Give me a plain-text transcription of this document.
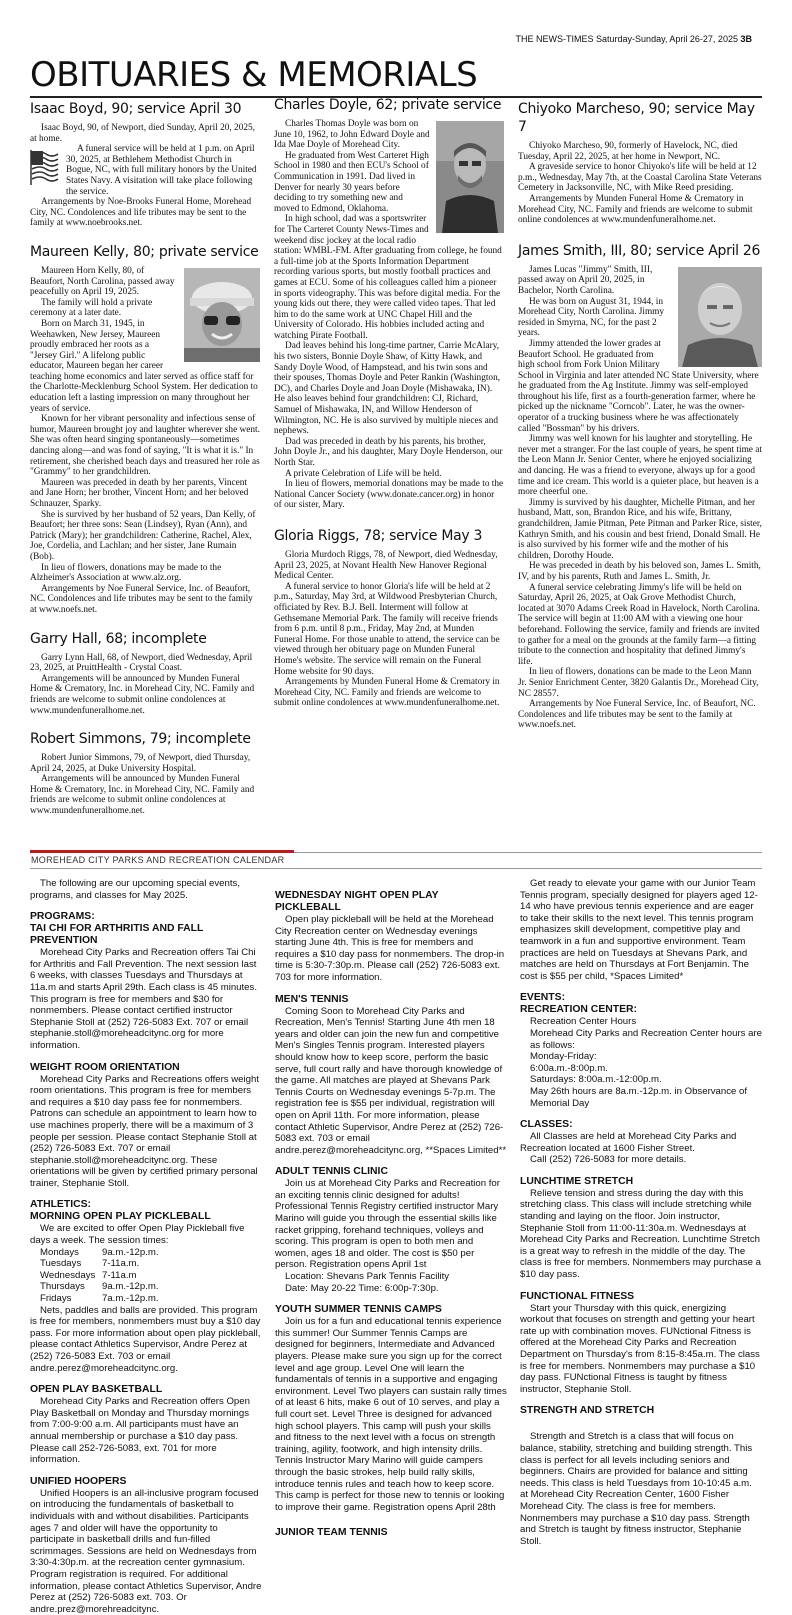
THE NEWS-TIMES Saturday-Sunday, April 26-27, 2025 3B
OBITUARIES & MEMORIALS
Isaac Boyd, 90; service April 30

Isaac Boyd, 90, of Newport, died Sunday, April 20, 2025, at home.

A funeral service will be held at 1 p.m. on April 30, 2025, at Bethlehem Methodist Church in Bogue, NC, with full military honors by the United States Navy. A visitation will take place following the service.

Arrangements by Noe-Brooks Funeral Home, Morehead City, NC. Condolences and life tributes may be sent to the family at www.noebrooks.net.

Maureen Kelly, 80; private service

Maureen Horn Kelly, 80, of Beaufort, North Carolina, passed away peacefully on April 19, 2025.

The family will hold a private ceremony at a later date.

Born on March 31, 1945, in Weehawken, New Jersey, Maureen proudly embraced her roots as a "Jersey Girl." A lifelong public educator, Maureen began her career teaching home economics and later served as office staff for the Charlotte-Mecklenburg School System. Her dedication to education left a lasting impression on many throughout her years of service.

Known for her vibrant personality and infectious sense of humor, Maureen brought joy and laughter wherever she went. She was often heard singing spontaneously—sometimes dancing along—and was fond of saying, "It is what it is." In retirement, she cherished beach days and treasured her role as "Grammy" to her grandchildren.

Maureen was preceded in death by her parents, Vincent and Jane Horn; her brother, Vincent Horn; and her beloved Schnauzer, Sparky.

She is survived by her husband of 52 years, Dan Kelly, of Beaufort; her three sons: Sean (Lindsey), Ryan (Ann), and Patrick (Mary); her grandchildren: Catherine, Rachel, Alex, Joe, Cordelia, and Lachlan; and her sister, Jane Rumain (Bob).

In lieu of flowers, donations may be made to the Alzheimer's Association at www.alz.org.

Arrangements by Noe Funeral Service, Inc. of Beaufort, NC. Condolences and life tributes may be sent to the family at www.noefs.net.

Garry Hall, 68; incomplete

Garry Lynn Hall, 68, of Newport, died Wednesday, April 23, 2025, at PruittHealth - Crystal Coast.

Arrangements will be announced by Munden Funeral Home & Crematory, Inc. in Morehead City, NC. Family and friends are welcome to submit online condolences at www.mundenfuneralhome.net.

Robert Simmons, 79; incomplete

Robert Junior Simmons, 79, of Newport, died Thursday, April 24, 2025, at Duke University Hospital.

Arrangements will be announced by Munden Funeral Home & Crematory, Inc. in Morehead City, NC. Family and friends are welcome to submit online condolences at www.mundenfuneralhome.net.

Charles Doyle, 62; private service

Charles Thomas Doyle was born on June 10, 1962, to John Edward Doyle and Ida Mae Doyle of Morehead City.

He graduated from West Carteret High School in 1980 and then ECU's School of Communication in 1991. Dad lived in Denver for nearly 30 years before deciding to try something new and moved to Edmond, Oklahoma.

In high school, dad was a sportswriter for The Carteret County News-Times and weekend disc jockey at the local radio station: WMBL-FM. After graduating from college, he found a full-time job at the Sports Information Department recording various sports, but mostly football practices and games at ECU. Some of his colleagues called him a pioneer in sports videography. This was before digital media. For the young kids out there, they were called video tapes. That led him to do the same work at UNC Chapel Hill and the University of Colorado. His hobbies included acting and watching Pirate Football.

Dad leaves behind his long-time partner, Carrie McAlary, his two sisters, Bonnie Doyle Shaw, of Kitty Hawk, and Sandy Doyle Wood, of Hampstead, and his twin sons and their spouses, Thomas Doyle and Peter Rankin (Washington, DC), and Charles Doyle and Joan Doyle (Mishawaka, IN). He also leaves behind four grandchildren: CJ, Richard, Samuel of Mishawaka, IN, and Willow Henderson of Wilmington, NC. He is also survived by multiple nieces and nephews.

Dad was preceded in death by his parents, his brother, John Doyle Jr., and his daughter, Mary Doyle Henderson, our North Star.

A private Celebration of Life will be held.

In lieu of flowers, memorial donations may be made to the National Cancer Society (www.donate.cancer.org) in honor of our sister, Mary.

Gloria Riggs, 78; service May 3

Gloria Murdoch Riggs, 78, of Newport, died Wednesday, April 23, 2025, at Novant Health New Hanover Regional Medical Center.

A funeral service to honor Gloria's life will be held at 2 p.m., Saturday, May 3rd, at Wildwood Presbyterian Church, officiated by Rev. B.J. Bell. Interment will follow at Gethsemane Memorial Park. The family will receive friends from 6 p.m. until 8 p.m., Friday, May 2nd, at Munden Funeral Home. For those unable to attend, the service can be viewed through her obituary page on Munden Funeral Home's website. The service will remain on the Funeral Home website for 90 days.

Arrangements by Munden Funeral Home & Crematory in Morehead City, NC. Family and friends are welcome to submit online condolences at www.mundenfuneralhome.net.

Chiyoko Marcheso, 90; service May 7

Chiyoko Marcheso, 90, formerly of Havelock, NC, died Tuesday, April 22, 2025, at her home in Newport, NC.

A graveside service to honor Chiyoko's life will be held at 12 p.m., Wednesday, May 7th, at the Coastal Carolina State Veterans Cemetery in Jacksonville, NC, with Mike Reed presiding.

Arrangements by Munden Funeral Home & Crematory in Morehead City, NC. Family and friends are welcome to submit online condolences at www.mundenfuneralhome.net.

James Smith, III, 80; service April 26

James Lucas "Jimmy" Smith, III, passed away on April 20, 2025, in Bachelor, North Carolina.

He was born on August 31, 1944, in Morehead City, North Carolina. Jimmy resided in Smyrna, NC, for the past 2 years.

Jimmy attended the lower grades at Beaufort School. He graduated from high school from Fork Union Military School in Virginia and later attended NC State University, where he graduated from the Ag Institute. Jimmy was self-employed throughout his life, first as a fourth-generation farmer, where he picked up the nickname "Corncob". Later, he was the owner-operator of a trucking business where he was affectionately called "Bossman" by his drivers.

Jimmy was well known for his laughter and storytelling. He never met a stranger. For the last couple of years, he spent time at the Leon Mann Jr. Senior Center, where he enjoyed socializing and dancing. He was a friend to everyone, always up for a good time and ice cream. This world is a quieter place, but heaven is a more cheerful one.

Jimmy is survived by his daughter, Michelle Pitman, and her husband, Matt, son, Brandon Rice, and his wife, Brittany, grandchildren, Jamie Pitman, Pete Pitman and Parker Rice, sister, Kathryn Smith, and his cousin and best friend, Donald Small. He is also survived by his former wife and the mother of his children, Dorothy Houde.

He was preceded in death by his beloved son, James L. Smith, IV, and by his parents, Ruth and James L. Smith, Jr.

A funeral service celebrating Jimmy's life will be held on Saturday, April 26, 2025, at Oak Grove Methodist Church, located at 3070 Adams Creek Road in Havelock, North Carolina. The service will begin at 11:00 AM with a viewing one hour beforehand. Following the service, family and friends are invited to gather for a meal on the grounds at the family farm—a fitting tribute to the connection and hospitality that defined Jimmy's life.

In lieu of flowers, donations can be made to the Leon Mann Jr. Senior Enrichment Center, 3820 Galantis Dr., Morehead City, NC 28557.

Arrangements by Noe Funeral Service, Inc. of Beaufort, NC. Condolences and life tributes may be sent to the family at www.noefs.net.

MOREHEAD CITY PARKS AND RECREATION CALENDAR

The following are our upcoming special events, programs, and classes for May 2025.

PROGRAMS:
TAI CHI FOR ARTHRITIS AND FALL PREVENTION

Morehead City Parks and Recreation offers Tai Chi for Arthritis and Fall Prevention. The next session last 6 weeks, with classes Tuesdays and Thursdays at 11a.m and starts April 29th. Each class is 45 minutes. This program is free for members and $30 for nonmembers. Please contact certified instructor Stephanie Stoll at (252) 726-5083 Ext. 707 or email stephanie.stoll@moreheadcitync.org for more information.

WEIGHT ROOM ORIENTATION

Morehead City Parks and Recreations offers weight room orientations. This program is free for members and requires a $10 day pass fee for nonmembers. Patrons can schedule an appointment to learn how to use machines properly, there will be a maximum of 3 people per session. Please contact Stephanie Stoll at (252) 726-5083 Ext. 707 or email stephanie.stoll@moreheadcitync.org. These orientations will be given by certified primary personal trainer, Stephanie Stoll.

ATHLETICS:
MORNING OPEN PLAY PICKLEBALL

We are excited to offer Open Play Pickleball five days a week. The session times:

Mondays	9a.m.-12p.m.
Tuesdays	7-11a.m.
Wednesdays 7-11a.m
Thursdays	9a.m.-12p.m.
Fridays	7a.m.-12p.m.

Nets, paddles and balls are provided. This program is free for members, nonmembers must buy a $10 day pass. For more information about open play pickleball, please contact Athletics Supervisor, Andre Perez at (252) 726-5083 Ext. 703 or email andre.perez@moreheadcitync.org.

OPEN PLAY BASKETBALL

Morehead City Parks and Recreation offers Open Play Basketball on Monday and Thursday mornings from 7:00-9:00 a.m. All participants must have an annual membership or purchase a $10 day pass. Please call 252-726-5083, ext. 701 for more information.

UNIFIED HOOPERS

Unified Hoopers is an all-inclusive program focused on introducing the fundamentals of basketball to individuals with and without disabilities. Participants ages 7 and older will have the opportunity to participate in basketball drills and fun-filled scrimmages. Sessions are held on Wednesdays from 3:30-4:30p.m. at the recreation center gymnasium. Program registration is required. For additional information, please contact Athletics Supervisor, Andre Perez at (252) 726-5083 ext. 703. Or andre.prez@morehreadcitync.

WEDNESDAY NIGHT OPEN PLAY PICKLEBALL

Open play pickleball will be held at the Morehead City Recreation center on Wednesday evenings starting June 4th. This is free for members and requires a $10 day pass for nonmembers. The drop-in time is 5:30-7:30p.m. Please call (252) 726-5083 ext. 703 for more information.

MEN'S TENNIS

Coming Soon to Morehead City Parks and Recreation, Men's Tennis! Starting June 4th men 18 years and older can join the new fun and competitive Men's Singles Tennis program. Interested players should know how to keep score, perform the basic serve, full court rally and have thorough knowledge of the game. All matches are played at Shevans Park Tennis Courts on Wednesday evenings 5-7p.m. The registration fee is $55 per individual, registration will open on April 11th. For more information, please contact Athletic Supervisor, Andre Perez at (252) 726-5083 ext. 703 or email andre.perez@moreheadcitync.org, **Spaces Limited**

ADULT TENNIS CLINIC

Join us at Morehead City Parks and Recreation for an exciting tennis clinic designed for adults! Professional Tennis Registry certified instructor Mary Marino will guide you through the essential skills like racket gripping, forehand techniques, volleys and scoring. This program is open to both men and women, ages 18 and older. The cost is $50 per person. Registration opens April 1st

Location: Shevans Park Tennis Facility
Date: May 20-22 Time: 6:00p-7:30p.
YOUTH SUMMER TENNIS CAMPS

Join us for a fun and educational tennis experience this summer! Our Summer Tennis Camps are designed for beginners, Intermediate and Advanced players. Please make sure you sign up for the correct level and age group. Level One will learn the fundamentals of tennis in a supportive and engaging environment. Level Two players can sustain rally times of at least 6 hits, make 6 out of 10 serves, and play a full court set. Level Three is designed for advanced high school players. This camp will push your skills and fitness to the next level with a focus on strength training, agility, footwork, and high intensity drills. Tennis Instructor Mary Marino will guide campers through the basic strokes, help build rally skills, introduce tennis rules and teach how to keep score. This camp is perfect for those new to tennis or looking to improve their game. Registration opens April 28th

JUNIOR TEAM TENNIS

Get ready to elevate your game with our Junior Team Tennis program, specially designed for players aged 12-14 who have previous tennis experience and are eager to take their skills to the next level. This tennis program emphasizes skill development, competitive play and teamwork in a fun and supportive environment. Team practices are held on Tuesdays at Shevans Park, and matches are held on Thursdays at Fort Benjamin. The cost is $55 per child, *Spaces Limited*

EVENTS:
RECREATION CENTER:
Recreation Center Hours
Morehead City Parks and Recreation Center hours are as follows:
Monday-Friday:
6:00a.m.-8:00p.m.
Saturdays: 8:00a.m.-12:00p.m.
May 26th hours are 8a.m.-12p.m. in Observance of Memorial Day
CLASSES:

All Classes are held at Morehead City Parks and Recreation located at 1600 Fisher Street.

Call (252) 726-5083 for more details.
LUNCHTIME STRETCH

Relieve tension and stress during the day with this stretching class. This class will include stretching while standing and laying on the floor. Join instructor, Stephanie Stoll from 11:00-11:30a.m. Wednesdays at Morehead City Parks and Recreation. Lunchtime Stretch is a great way to refresh in the middle of the day. The class is free for members. Nonmembers may purchase a $10 day pass.

FUNCTIONAL FITNESS

Start your Thursday with this quick, energizing workout that focuses on strength and getting your heart rate up with combination moves. FUNctional Fitness is offered at the Morehead City Parks and Recreation Department on Thursday's from 8:15-8:45a.m. The class is free for members. Nonmembers may purchase a $10 day pass. FUNctional Fitness is taught by fitness instructor, Stephanie Stoll.

STRENGTH AND STRETCH

Strength and Stretch is a class that will focus on balance, stability, stretching and building strength. This class is perfect for all levels including seniors and beginners. Chairs are provided for balance and sitting needs. This class is held Tuesdays from 10-10:45 a.m. at Morehead City Recreation Center, 1600 Fisher Morehead City. The class is free for members. Nonmembers may purchase a $10 day pass. Strength and Stretch is taught by fitness instructor, Stephanie Stoll.
